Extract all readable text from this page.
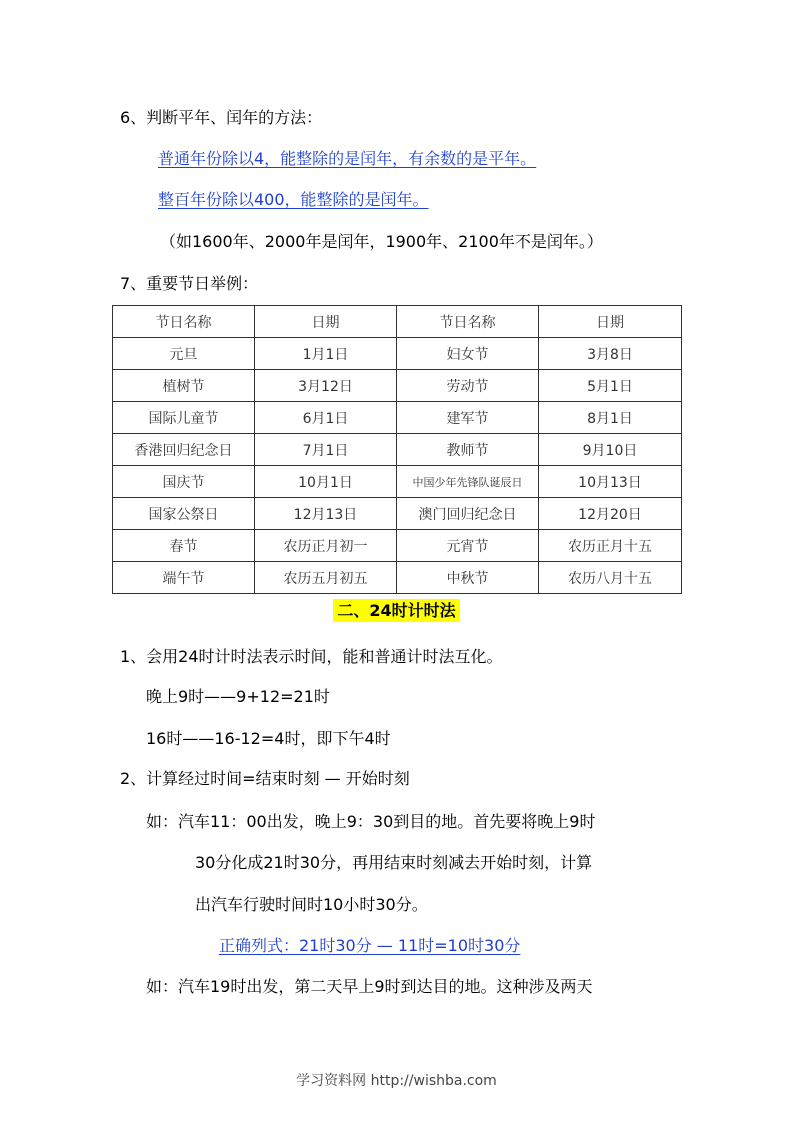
6、判断平年、闰年的方法：
普通年份除以4，能整除的是闰年，有余数的是平年。
整百年份除以400，能整除的是闰年。
（如1600年、2000年是闰年，1900年、2100年不是闰年。）
7、重要节日举例：
节日名称	日期	节日名称	日期
元旦	1月1日	妇女节	3月8日
植树节	3月12日	劳动节	5月1日
国际儿童节	6月1日	建军节	8月1日
香港回归纪念日	7月1日	教师节	9月10日
国庆节	10月1日	中国少年先锋队诞辰日	10月13日
国家公祭日	12月13日	澳门回归纪念日	12月20日
春节	农历正月初一	元宵节	农历正月十五
端午节	农历五月初五	中秋节	农历八月十五
二、24时计时法
1、会用24时计时法表示时间，能和普通计时法互化。
晚上9时——9+12=21时
16时——16-12=4时，即下午4时
2、计算经过时间=结束时刻 — 开始时刻
如：汽车11：00出发，晚上9：30到目的地。首先要将晚上9时
30分化成21时30分，再用结束时刻减去开始时刻，计算
出汽车行驶时间时10小时30分。
正确列式：21时30分 — 11时=10时30分
如：汽车19时出发，第二天早上9时到达目的地。这种涉及两天
学习资料网 http://wishba.com
